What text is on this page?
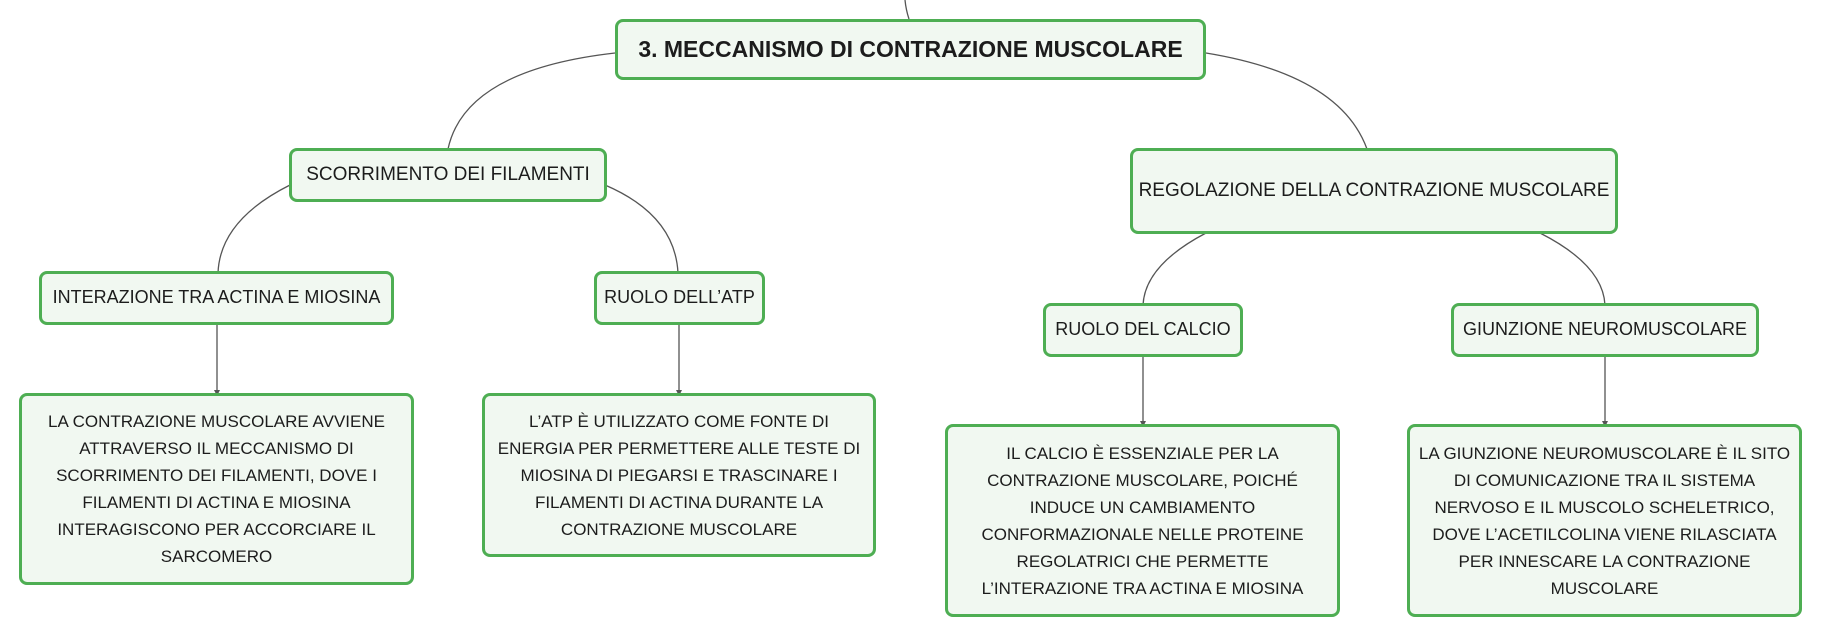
3. MECCANISMO DI CONTRAZIONE MUSCOLARE
SCORRIMENTO DEI FILAMENTI
REGOLAZIONE DELLA CONTRAZIONE MUSCOLARE
INTERAZIONE TRA ACTINA E MIOSINA	RUOLO DELL’ATP
RUOLO DEL CALCIO	GIUNZIONE NEUROMUSCOLARE
LA CONTRAZIONE MUSCOLARE AVVIENE ATTRAVERSO IL MECCANISMO DI SCORRIMENTO DEI FILAMENTI, DOVE I FILAMENTI DI ACTINA E MIOSINA INTERAGISCONO PER ACCORCIARE IL SARCOMERO
L’ATP È UTILIZZATO COME FONTE DI ENERGIA PER PERMETTERE ALLE TESTE DI MIOSINA DI PIEGARSI E TRASCINARE I FILAMENTI DI ACTINA DURANTE LA CONTRAZIONE MUSCOLARE
IL CALCIO È ESSENZIALE PER LA CONTRAZIONE MUSCOLARE, POICHÉ INDUCE UN CAMBIAMENTO CONFORMAZIONALE NELLE PROTEINE REGOLATRICI CHE PERMETTE L’INTERAZIONE TRA ACTINA E MIOSINA
LA GIUNZIONE NEUROMUSCOLARE È IL SITO DI COMUNICAZIONE TRA IL SISTEMA NERVOSO E IL MUSCOLO SCHELETRICO, DOVE L’ACETILCOLINA VIENE RILASCIATA PER INNESCARE LA CONTRAZIONE MUSCOLARE
